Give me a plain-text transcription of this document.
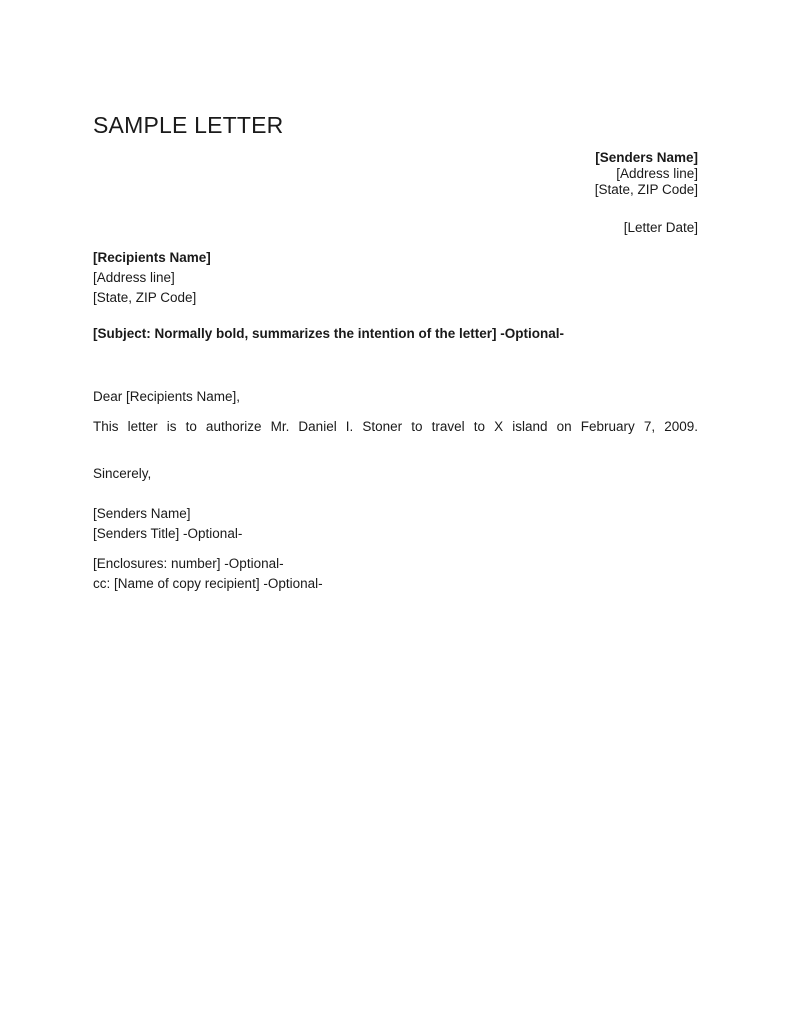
SAMPLE LETTER
[Senders Name]
[Address line]
[State, ZIP Code]
[Letter Date]
[Recipients Name]
[Address line]
[State, ZIP Code]
[Subject: Normally bold, summarizes the intention of the letter] -Optional-
Dear [Recipients Name],
This letter is to authorize Mr. Daniel I. Stoner to travel to X island on February 7, 2009.
Sincerely,
[Senders Name]
[Senders Title] -Optional-
[Enclosures: number] -Optional-
cc: [Name of copy recipient] -Optional-
